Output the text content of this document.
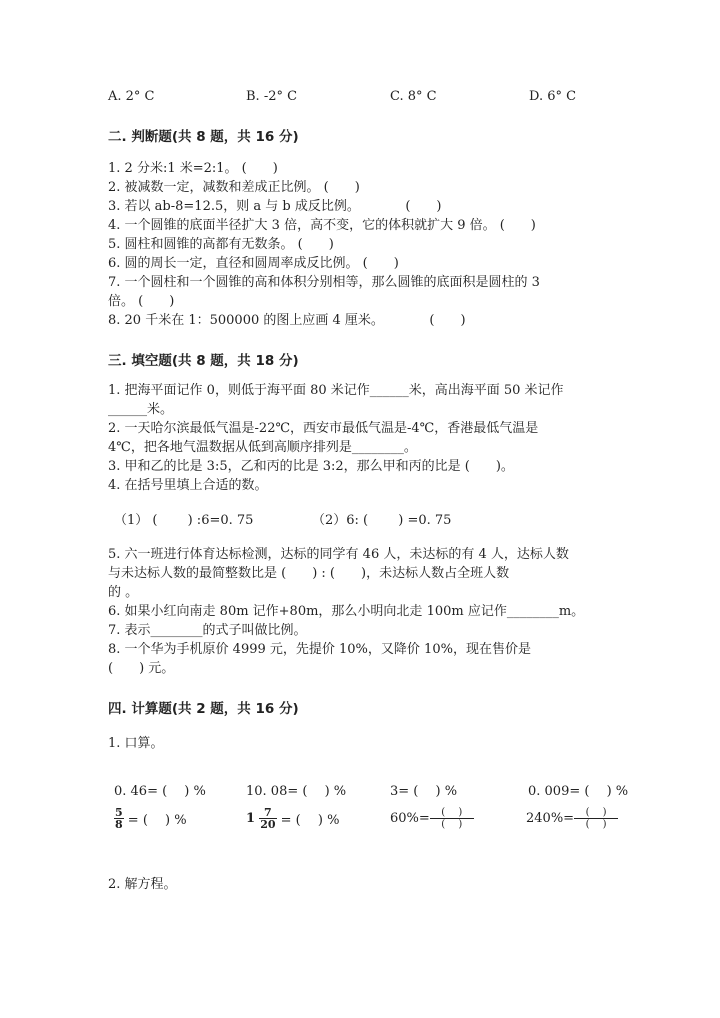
A. 2° C	B. -2° C	C. 8° C	D. 6° C
二. 判断题(共 8 题，共 16 分)
1. 2 分米:1 米=2:1。 (　　)
2. 被减数一定，减数和差成正比例。 (　　)
3. 若以 ab-8=12.5，则 a 与 b 成反比例。　　　　(　　)
4. 一个圆锥的底面半径扩大 3 倍，高不变，它的体积就扩大 9 倍。 (　　)
5. 圆柱和圆锥的高都有无数条。 (　　)
6. 圆的周长一定，直径和圆周率成反比例。 (　　)
7. 一个圆柱和一个圆锥的高和体积分别相等，那么圆锥的底面积是圆柱的 3
倍。 (　　)
8. 20 千米在 1：500000 的图上应画 4 厘米。　　　　(　　)
三. 填空题(共 8 题，共 18 分)
1. 把海平面记作 0，则低于海平面 80 米记作______米，高出海平面 50 米记作
______米。
2. 一天哈尔滨最低气温是-22℃，西安市最低气温是-4℃，香港最低气温是
4℃，把各地气温数据从低到高顺序排列是________。
3. 甲和乙的比是 3:5，乙和丙的比是 3:2，那么甲和丙的比是 (　　)。
4. 在括号里填上合适的数。
（1） (　　 ) :6=0. 75	（2）6: (　　 ) =0. 75
5. 六一班进行体育达标检测，达标的同学有 46 人，未达标的有 4 人，达标人数
与未达标人数的最简整数比是 (　　) : (　　)，未达标人数占全班人数
的 。
6. 如果小红向南走 80m 记作+80m，那么小明向北走 100m 应记作________m。
7. 表示________的式子叫做比例。
8. 一个华为手机原价 4999 元，先提价 10%，又降价 10%，现在售价是
(　　) 元。
四. 计算题(共 2 题，共 16 分)
1. 口算。
0. 46= (　 ) %	10. 08= (　 ) %	3= (　 ) %	0. 009= (　 ) %
$\frac{5}{8}$ = (　 ) %	$1 \frac{7}{20}$ = (　 ) %	$60\%= \frac{( )}{( )}$	$240\%= \frac{( )}{( )}$
2. 解方程。
